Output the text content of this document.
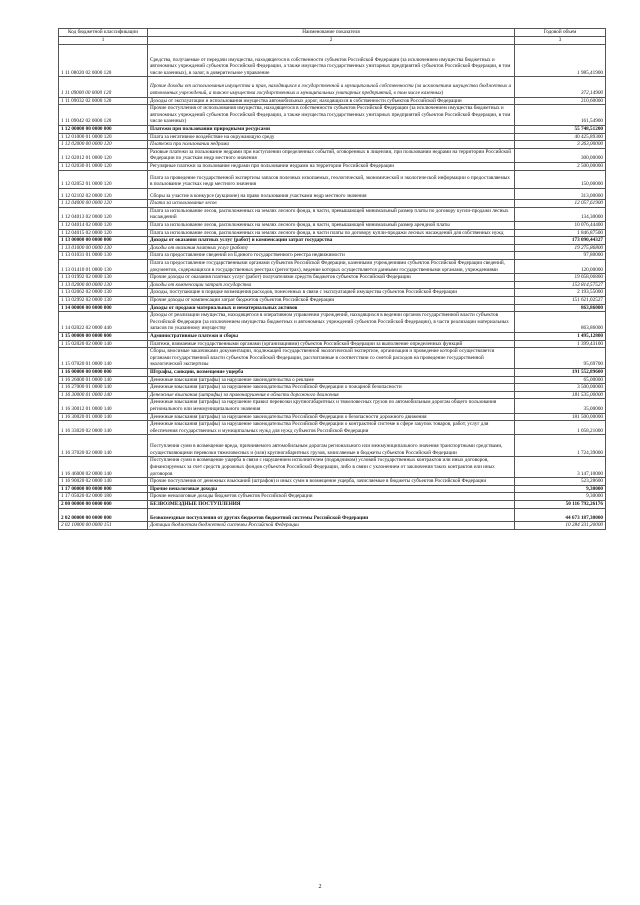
Код бюджетной классификации	Наименование показателя	Годовой объем
1	2	3
1 11 08020 02 0000 120	Средства, получаемые от передачи имущества, находящегося в собственности субъектов Российской Федерации (за исключением имущества бюджетных и автономных учреждений субъектов Российской Федерации, а также имущества государственных унитарных предприятий субъектов Российской Федерации, в том числе казенных), в залог, в доверительное управление	1 985,41900
1 11 09000 00 0000 120	Прочие доходы от использования имущества и прав, находящихся в государственной и муниципальной собственности (за исключением имущества бюджетных и автономных учреждений, а также имущества государственных и муниципальных унитарных предприятий, в том числе казенных)	372,14900
1 11 09032 02 0000 120	Доходы от эксплуатации и использования имущества автомобильных дорог, находящихся в собственности субъектов Российской Федерации	210,60000
1 11 09042 02 0000 120	Прочие поступления от использования имущества, находящегося в собственности субъектов Российской Федерации (за исключением имущества бюджетных и автономных учреждений субъектов Российской Федерации, а также имущества государственных унитарных предприятий субъектов Российской Федерации, в том числе казенных)	161,54900
1 12 00000 00 0000 000	Платежи при пользовании природными ресурсами	55 748,51200
1 12 01000 01 0000 120	Плата за негативное воздействие на окружающую среду	40 425,89300
1 12 02000 00 0000 120	Платежи при пользовании недрами	3 263,00000
1 12 02012 01 0000 120	Разовые платежи за пользование недрами при наступлении определенных событий, оговоренных в лицензии, при пользовании недрами на территории Российской Федерации по участкам недр местного значения	300,00000
1 12 02030 01 0000 120	Регулярные платежи за пользование недрами при пользовании недрами на территории Российской Федерации	2 500,00000
1 12 02052 01 0000 120	Плата за проведение государственной экспертизы запасов полезных ископаемых, геологической, экономической и экологической информации о предоставляемых в пользование участках недр местного значения	150,00000
1 12 02102 02 0000 120	Сборы за участие в конкурсе (аукционе) на право пользования участками недр местного значения	313,00000
1 12 04000 00 0000 120	Плата за использование лесов	12 057,61900
1 12 04013 02 0000 120	Плата за использование лесов, расположенных на землях лесного фонда, в части, превышающей минимальный размер платы по договору купли-продажи лесных насаждений	134,30000
1 12 04014 02 0000 120	Плата за использование лесов, расположенных на землях лесного фонда, в части, превышающей минимальный размер арендной платы	10 076,44400
1 12 04015 02 0000 120	Плата за использование лесов, расположенных на землях лесного фонда, в части платы по договору купли-продажи лесных насаждений для собственных нужд	1 846,87500
1 13 00000 00 0000 000	Доходы от оказания платных услуг (работ) и компенсации затрат государства	173 090,44327
1 13 01000 00 0000 130	Доходы от оказания платных услуг (работ)	19 275,86800
1 13 01031 01 0000 130	Плата за предоставление сведений из Единого государственного реестра недвижимости	97,80000
1 13 01410 01 0000 130	Плата за предоставление государственными органами субъектов Российской Федерации, казенными учреждениями субъектов Российской Федерации сведений, документов, содержащихся в государственных реестрах (регистрах), ведение которых осуществляется данными государственными органами, учреждениями	120,00000
1 13 01992 02 0000 130	Прочие доходы от оказания платных услуг (работ) получателями средств бюджетов субъектов Российской Федерации	19 058,06800
1 13 02000 00 0000 130	Доходы от компенсации затрат государства	153 814,57527
1 13 02062 02 0000 130	Доходы, поступающие в порядке возмещения расходов, понесенных в связи с эксплуатацией имущества субъектов Российской Федерации	2 193,55000
1 13 02992 02 0000 130	Прочие доходы от компенсации затрат бюджетов субъектов Российской Федерации	151 621,02527
1 14 00000 00 0000 000	Доходы от продажи материальных и нематериальных активов	863,86000
1 14 02022 02 0000 440	Доходы от реализации имущества, находящегося в оперативном управлении учреждений, находящихся в ведении органов государственной власти субъектов Российской Федерации (за исключением имущества бюджетных и автономных учреждений субъектов Российской Федерации), в части реализации материальных запасов по указанному имуществу	863,86000
1 15 00000 00 0000 000	Административные платежи и сборы	1 495,12800
1 15 02020 02 0000 140	Платежи, взимаемые государственными органами (организациями) субъектов Российской Федерации за выполнение определенных функций	1 399,43100
1 15 07020 01 0000 140	Сборы, вносимые заказчиками документации, подлежащей государственной экологической экспертизе, организация и проведение которой осуществляется органами государственной власти субъектов Российской Федерации, рассчитанные в соответствии со сметой расходов на проведение государственной экологической экспертизы	95,69700
1 16 00000 00 0000 000	Штрафы, санкции, возмещение ущерба	191 552,89600
1 16 26000 01 0000 140	Денежные взыскания (штрафы) за нарушение законодательства о рекламе	65,00000
1 16 27000 01 0000 140	Денежные взыскания (штрафы) за нарушение законодательства Российской Федерации о пожарной безопасности	3 500,00000
1 16 30000 01 0000 140	Денежные взыскания (штрафы) за правонарушения в области дорожного движения	181 535,00000
1 16 30012 01 0000 140	Денежные взыскания (штрафы) за нарушение правил перевозки крупногабаритных и тяжеловесных грузов по автомобильным дорогам общего пользования регионального или межмуниципального значения	35,00000
1 16 30020 01 0000 140	Денежные взыскания (штрафы) за нарушение законодательства Российской Федерации о безопасности дорожного движения	181 500,00000
1 16 33020 02 0000 140	Денежные взыскания (штрафы) за нарушение законодательства Российской Федерации о контрактной системе в сфере закупок товаров, работ, услуг для обеспечения государственных и муниципальных нужд для нужд субъектов Российской Федерации	1 058,21000
1 16 37020 02 0000 140	Поступления сумм в возмещение вреда, причиняемого автомобильным дорогам регионального или межмуниципального значения транспортными средствами, осуществляющими перевозки тяжеловесных и (или) крупногабаритных грузов, зачисляемые в бюджеты субъектов Российской Федерации	1 724,39000
1 16 46000 02 0000 140	Поступления сумм в возмещение ущерба в связи с нарушением исполнителем (подрядчиком) условий государственных контрактов или иных договоров, финансируемых за счет средств дорожных фондов субъектов Российской Федерации, либо в связи с уклонением от заключения таких контрактов или иных договоров	3 147,10000
1 16 90020 02 0000 140	Прочие поступления от денежных взысканий (штрафов) и иных сумм в возмещение ущерба, зачисляемые в бюджеты субъектов Российской Федерации	523,28600
1 17 00000 00 0000 000	Прочие неналоговые доходы	9,30000
1 17 05020 02 0000 180	Прочие неналоговые доходы бюджетов субъектов Российской Федерации	9,30000
2 00 00000 00 0000 000	БЕЗВОЗМЕЗДНЫЕ ПОСТУПЛЕНИЯ	50 116 792,26176
2 02 00000 00 0000 000	Безвозмездные поступления от других бюджетов бюджетной системы Российской Федерации	44 673 187,30000
2 02 10000 00 0000 151	Дотации бюджетам бюджетной системы Российской Федерации	10 284 331,20000
2
